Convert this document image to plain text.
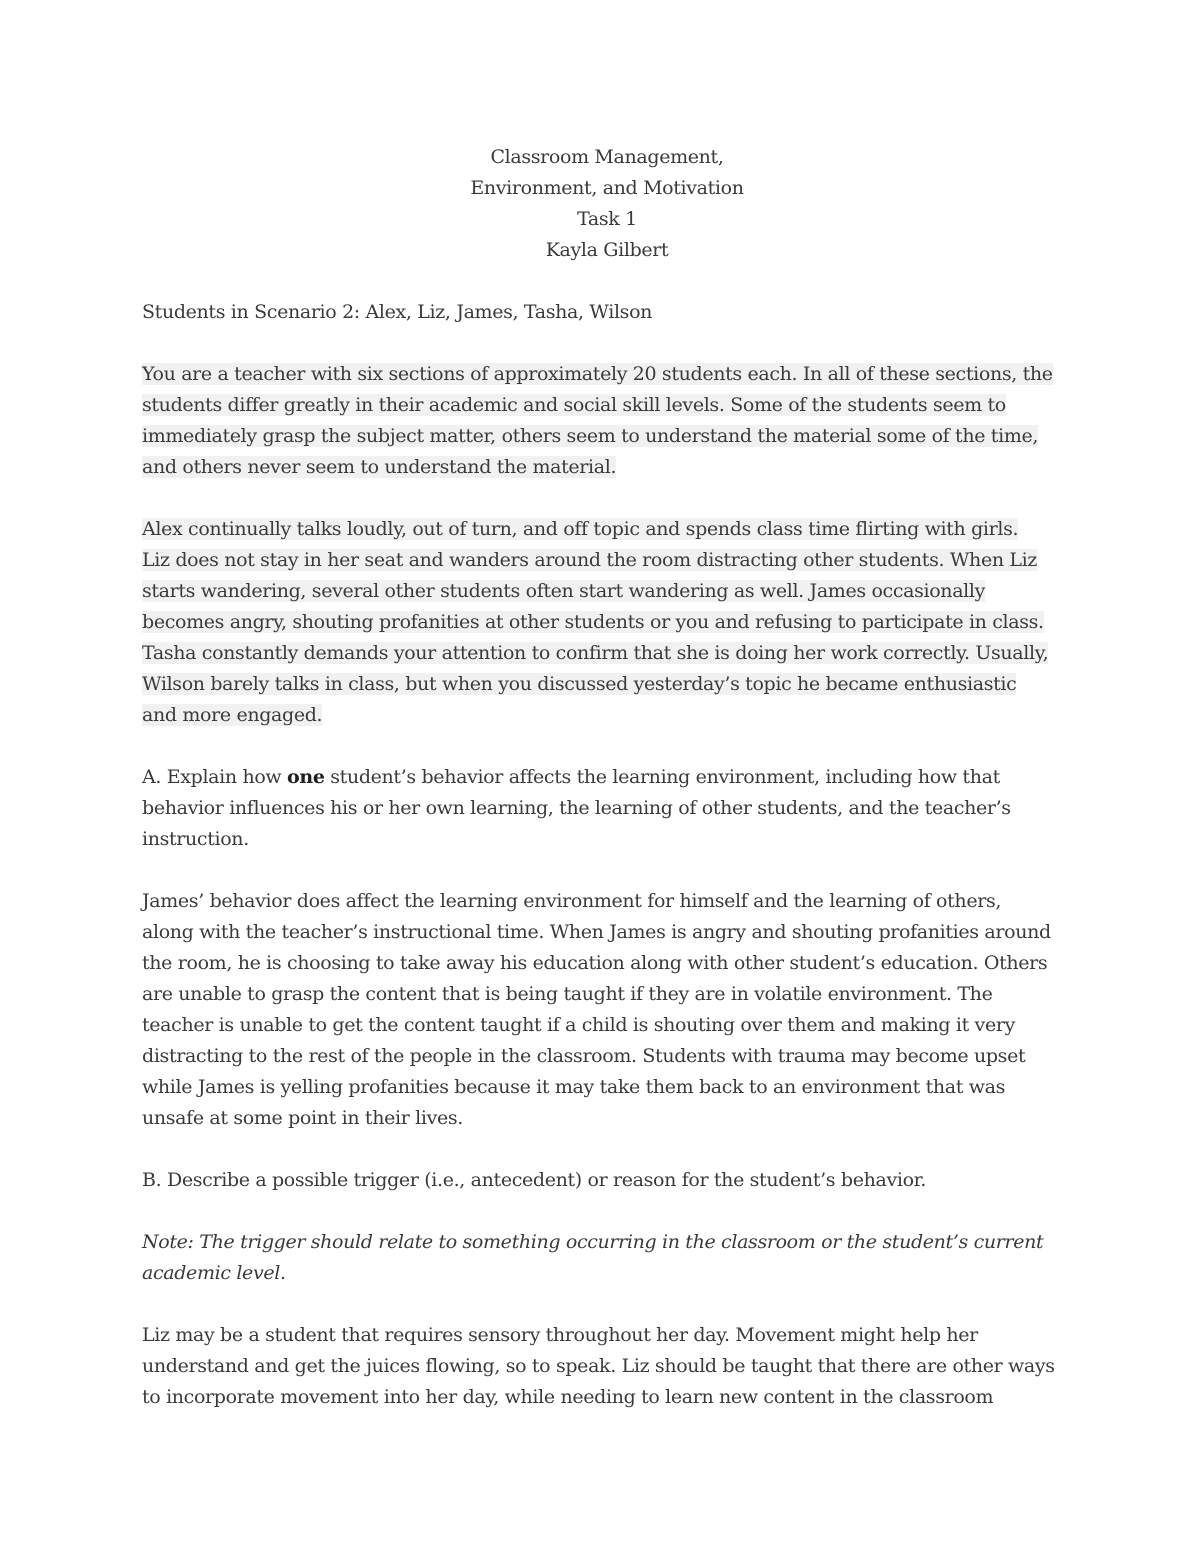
Classroom Management,
Environment, and Motivation
Task 1
Kayla Gilbert

Students in Scenario 2: Alex, Liz, James, Tasha, Wilson

You are a teacher with six sections of approximately 20 students each. In all of these sections, the
students differ greatly in their academic and social skill levels. Some of the students seem to
immediately grasp the subject matter, others seem to understand the material some of the time,
and others never seem to understand the material.

Alex continually talks loudly, out of turn, and off topic and spends class time flirting with girls.
Liz does not stay in her seat and wanders around the room distracting other students. When Liz
starts wandering, several other students often start wandering as well. James occasionally
becomes angry, shouting profanities at other students or you and refusing to participate in class.
Tasha constantly demands your attention to confirm that she is doing her work correctly. Usually,
Wilson barely talks in class, but when you discussed yesterday’s topic he became enthusiastic
and more engaged.

A. Explain how one student’s behavior affects the learning environment, including how that
behavior influences his or her own learning, the learning of other students, and the teacher’s
instruction.

James’ behavior does affect the learning environment for himself and the learning of others,
along with the teacher’s instructional time. When James is angry and shouting profanities around
the room, he is choosing to take away his education along with other student’s education. Others
are unable to grasp the content that is being taught if they are in volatile environment. The
teacher is unable to get the content taught if a child is shouting over them and making it very
distracting to the rest of the people in the classroom. Students with trauma may become upset
while James is yelling profanities because it may take them back to an environment that was
unsafe at some point in their lives.

B. Describe a possible trigger (i.e., antecedent) or reason for the student’s behavior.

Note: The trigger should relate to something occurring in the classroom or the student’s current
academic level.

Liz may be a student that requires sensory throughout her day. Movement might help her
understand and get the juices flowing, so to speak. Liz should be taught that there are other ways
to incorporate movement into her day, while needing to learn new content in the classroom
